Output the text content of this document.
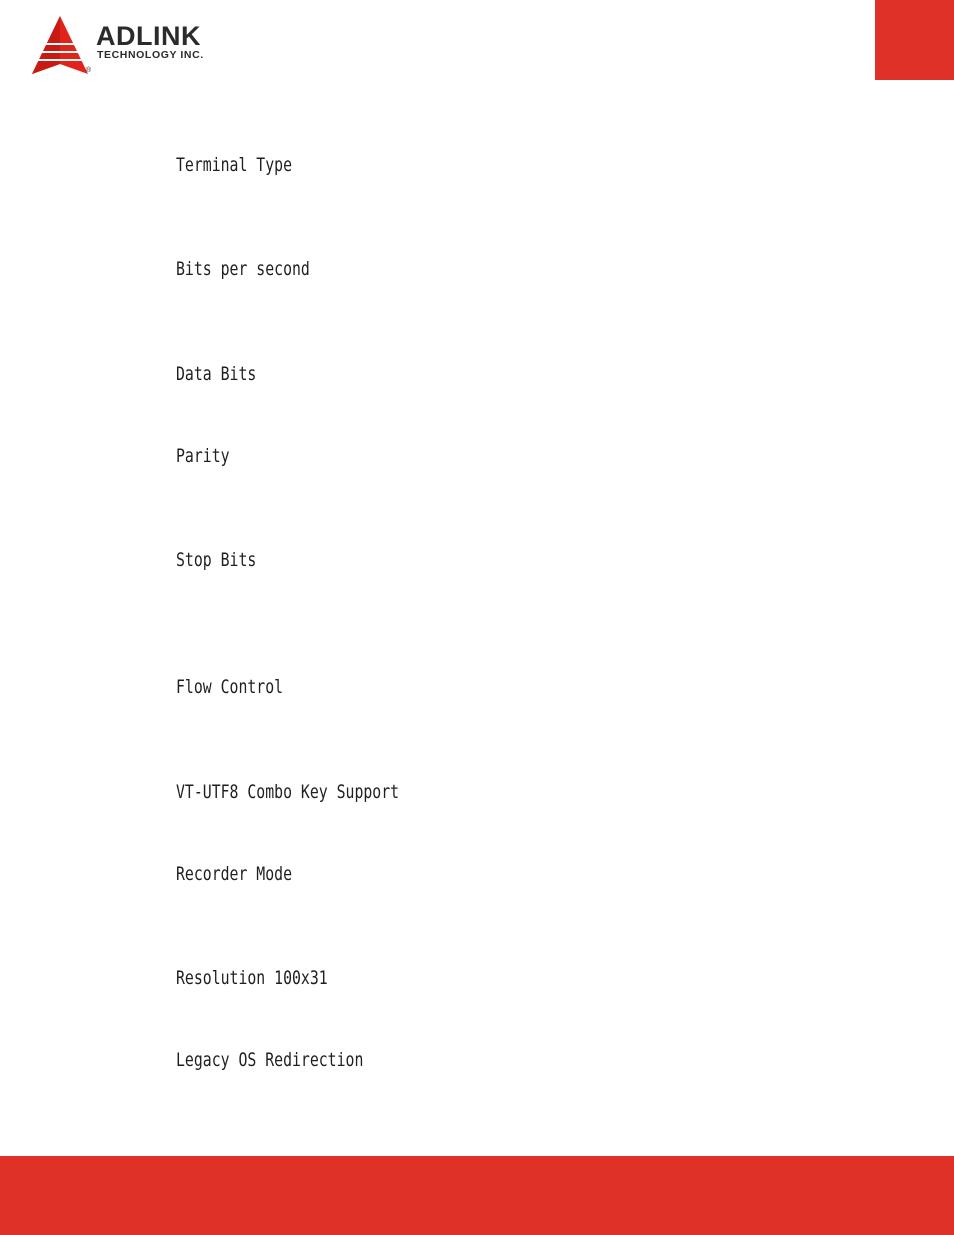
ADLINK
TECHNOLOGY INC.
®
Terminal Type
Bits per second
Data Bits
Parity
Stop Bits
Flow Control
VT-UTF8 Combo Key Support
Recorder Mode
Resolution 100x31
Legacy OS Redirection
